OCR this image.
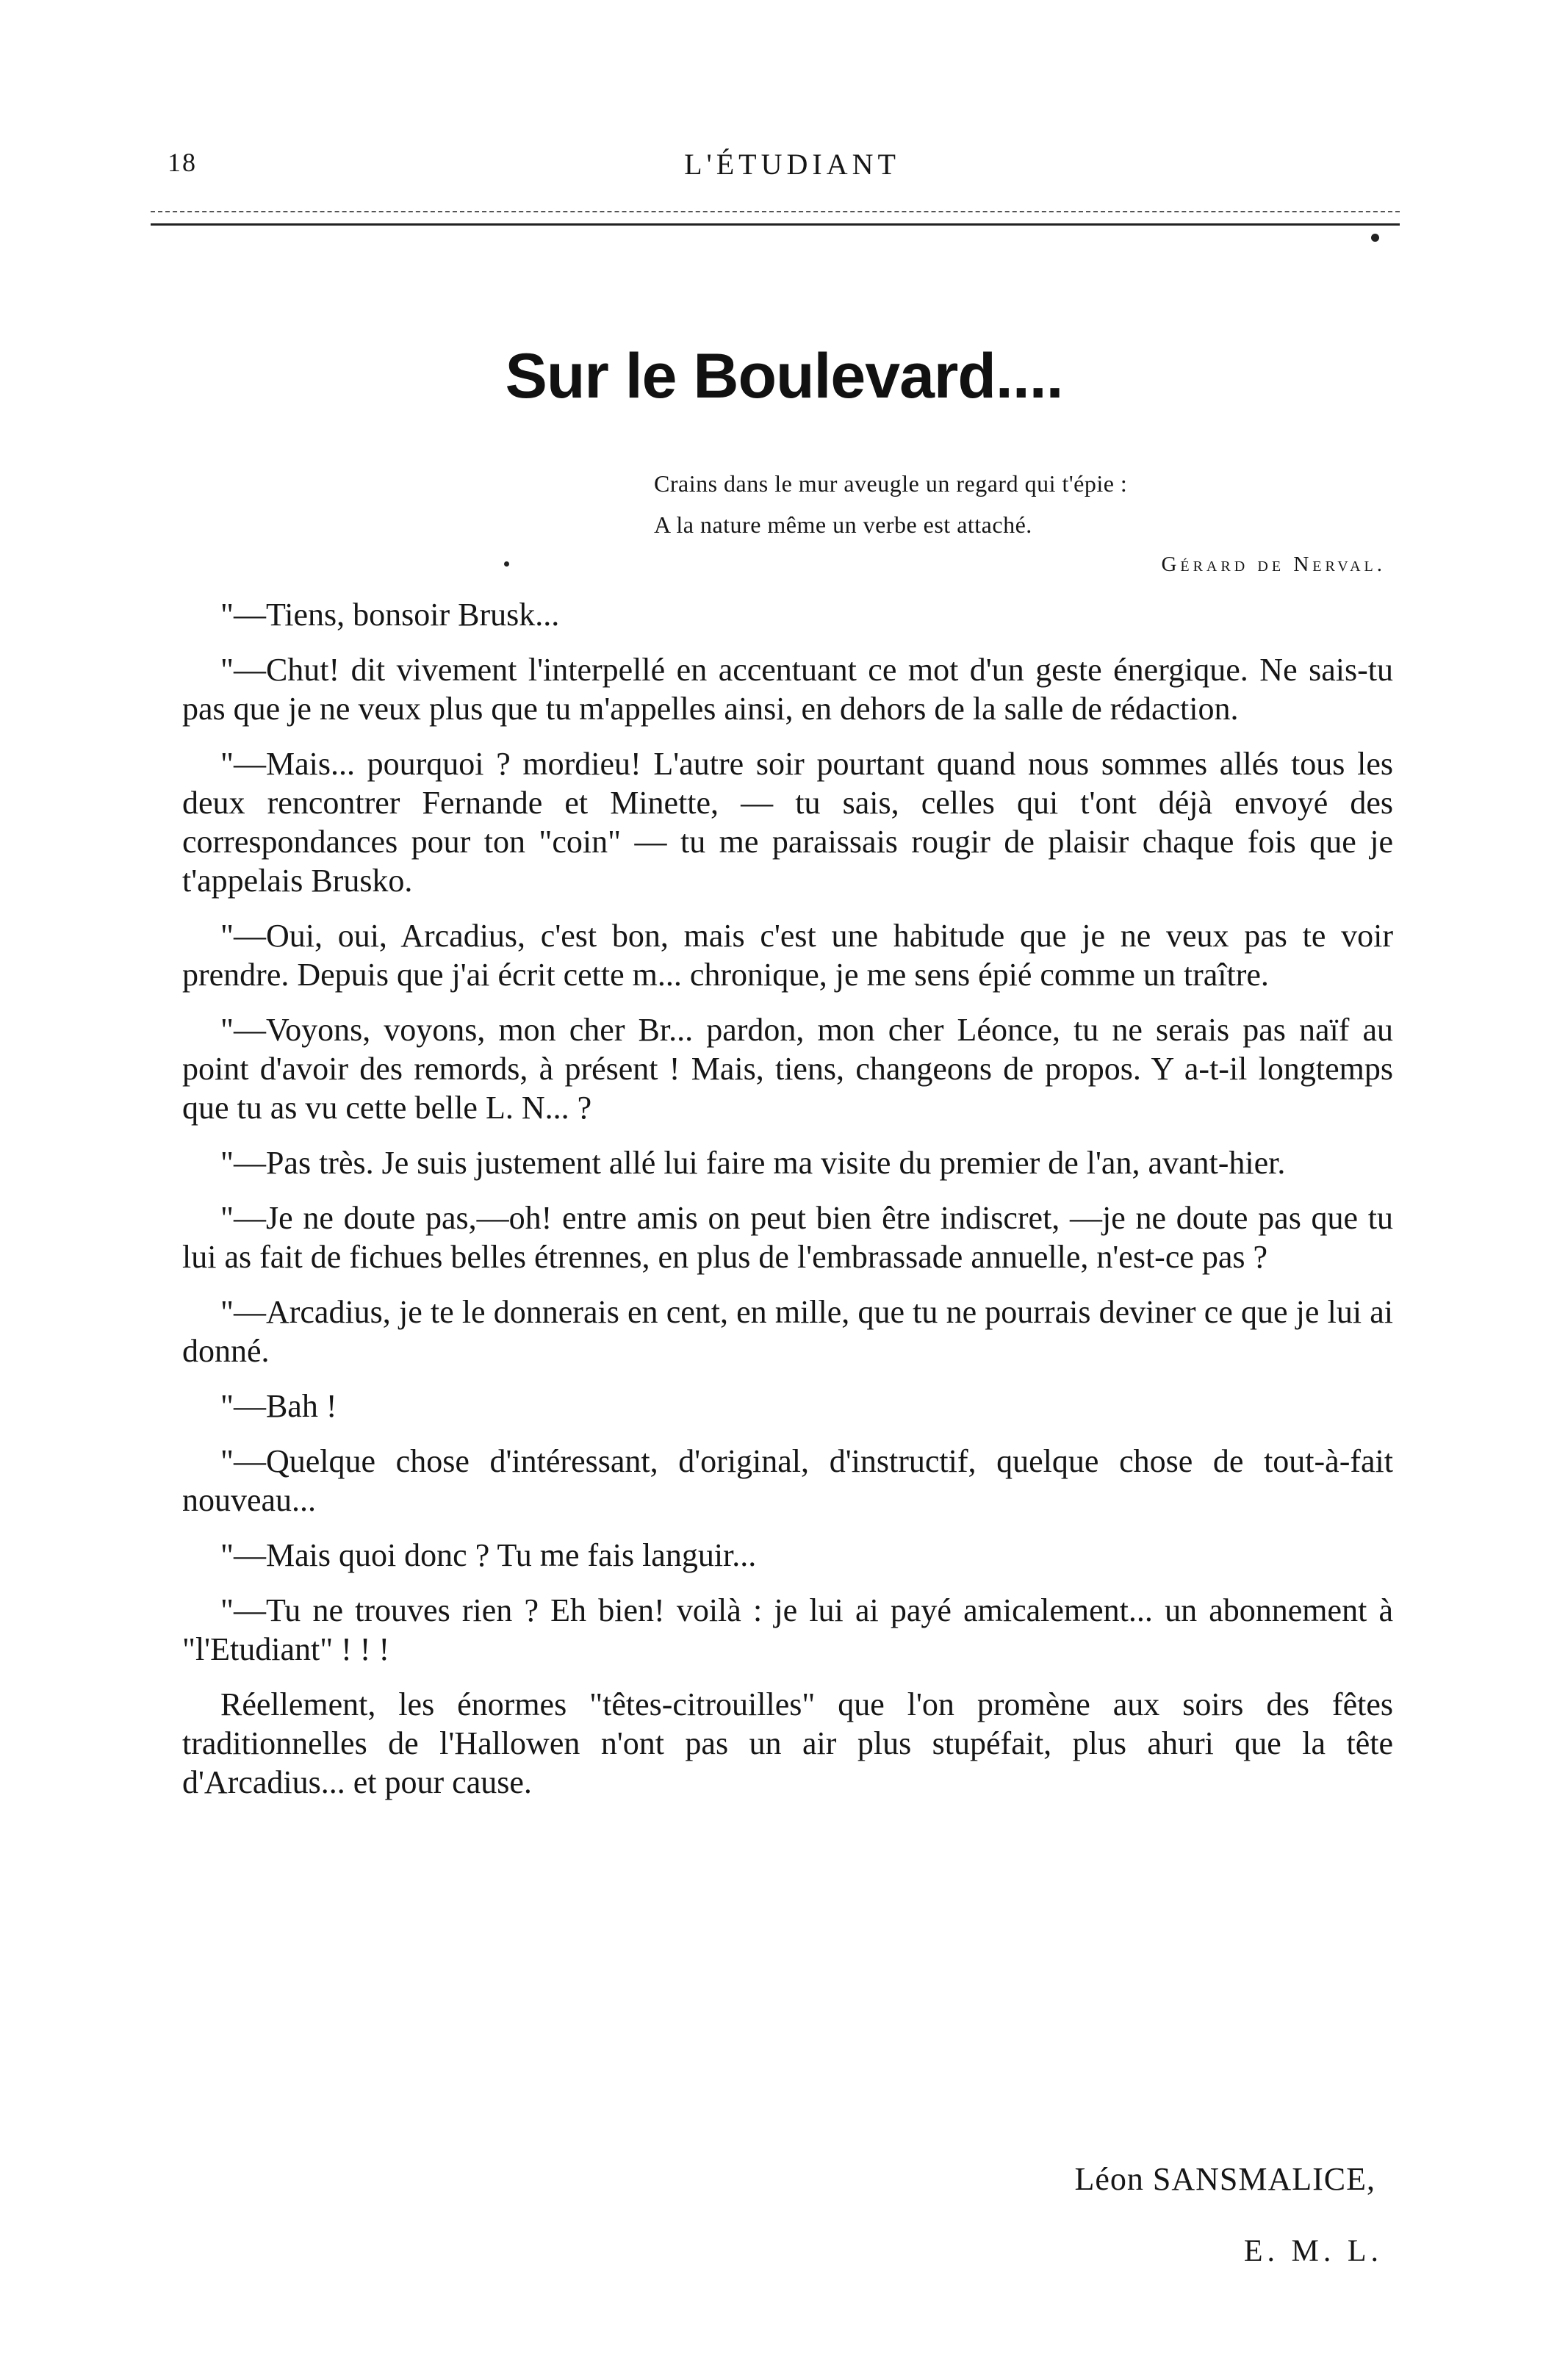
18	L'ÉTUDIANT
Sur le Boulevard....
Crains dans le mur aveugle un regard qui t'épie :
A la nature même un verbe est attaché.
Gérard de Nerval.

"—Tiens, bonsoir Brusk...

"—Chut! dit vivement l'interpellé en accentuant ce mot d'un geste énergique. Ne sais-tu pas que je ne veux plus que tu m'appelles ainsi, en dehors de la salle de rédaction.

"—Mais... pourquoi ? mordieu! L'autre soir pourtant quand nous sommes allés tous les deux rencontrer Fernande et Minette, — tu sais, celles qui t'ont déjà envoyé des correspondances pour ton "coin" — tu me paraissais rougir de plaisir chaque fois que je t'appelais Brusko.

"—Oui, oui, Arcadius, c'est bon, mais c'est une habitude que je ne veux pas te voir prendre. Depuis que j'ai écrit cette m... chronique, je me sens épié comme un traître.

"—Voyons, voyons, mon cher Br... pardon, mon cher Léonce, tu ne serais pas naïf au point d'avoir des remords, à présent ! Mais, tiens, changeons de propos. Y a-t-il longtemps que tu as vu cette belle L. N... ?

"—Pas très. Je suis justement allé lui faire ma visite du premier de l'an, avant-hier.

"—Je ne doute pas,—oh! entre amis on peut bien être indiscret, —je ne doute pas que tu lui as fait de fichues belles étrennes, en plus de l'embrassade annuelle, n'est-ce pas ?

"—Arcadius, je te le donnerais en cent, en mille, que tu ne pourrais deviner ce que je lui ai donné.

"—Bah !

"—Quelque chose d'intéressant, d'original, d'instructif, quelque chose de tout-à-fait nouveau...

"—Mais quoi donc ? Tu me fais languir...

"—Tu ne trouves rien ? Eh bien! voilà : je lui ai payé amicalement... un abonnement à "l'Etudiant" ! ! !

Réellement, les énormes "têtes-citrouilles" que l'on promène aux soirs des fêtes traditionnelles de l'Hallowen n'ont pas un air plus stupéfait, plus ahuri que la tête d'Arcadius... et pour cause.

Léon SANSMALICE,
E. M. L.
